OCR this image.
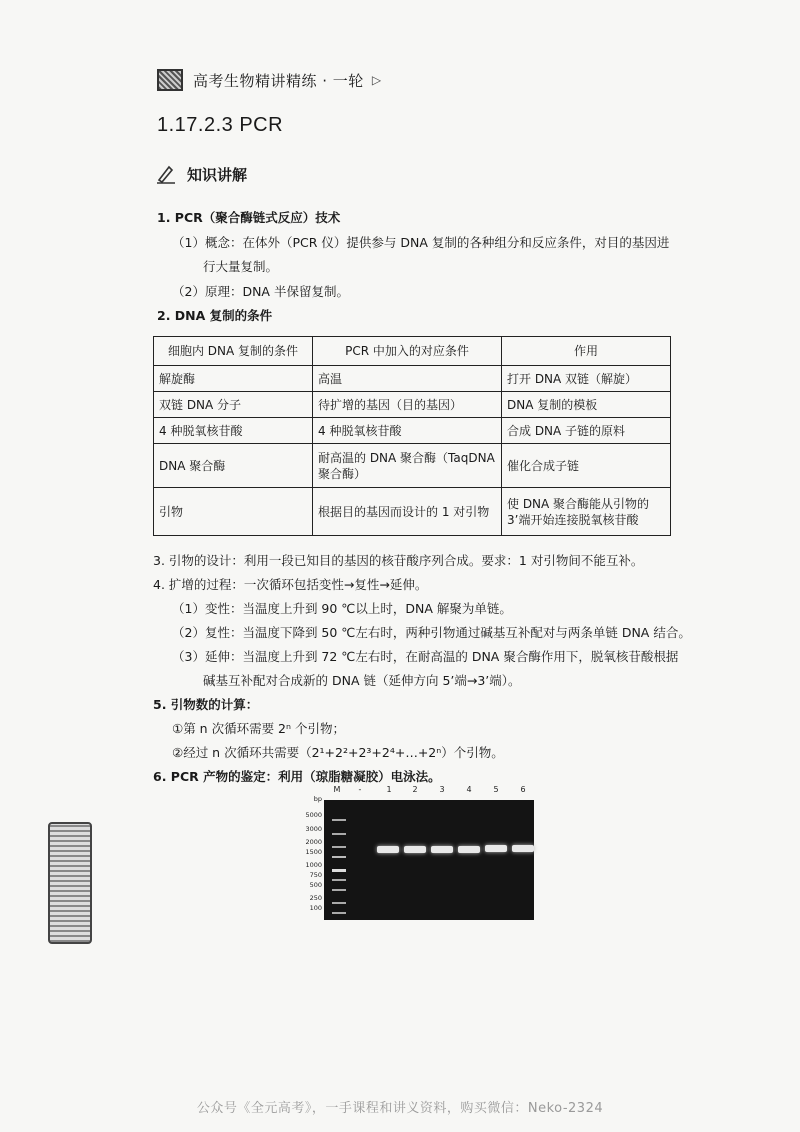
高考生物精讲精练 · 一轮 ▷
1.17.2.3 PCR
知识讲解
1. PCR（聚合酶链式反应）技术
（1）概念：在体外（PCR 仪）提供参与 DNA 复制的各种组分和反应条件，对目的基因进
行大量复制。
（2）原理：DNA 半保留复制。
2. DNA 复制的条件
细胞内 DNA 复制的条件	PCR 中加入的对应条件	作用
解旋酶	高温	打开 DNA 双链（解旋）
双链 DNA 分子	待扩增的基因（目的基因）	DNA 复制的模板
4 种脱氧核苷酸	4 种脱氧核苷酸	合成 DNA 子链的原料
DNA 聚合酶	耐高温的 DNA 聚合酶（TaqDNA 聚合酶）	催化合成子链
引物	根据目的基因而设计的 1 对引物	使 DNA 聚合酶能从引物的 3’端开始连接脱氧核苷酸
3. 引物的设计：利用一段已知目的基因的核苷酸序列合成。要求：1 对引物间不能互补。
4. 扩增的过程：一次循环包括变性→复性→延伸。
（1）变性：当温度上升到 90 ℃以上时，DNA 解聚为单链。
（2）复性：当温度下降到 50 ℃左右时，两种引物通过碱基互补配对与两条单链 DNA 结合。
（3）延伸：当温度上升到 72 ℃左右时，在耐高温的 DNA 聚合酶作用下，脱氧核苷酸根据
碱基互补配对合成新的 DNA 链（延伸方向 5’端→3’端）。
5. 引物数的计算：
①第 n 次循环需要 2ⁿ 个引物；
②经过 n 次循环共需要（2¹+2²+2³+2⁴+…+2ⁿ）个引物。
6. PCR 产物的鉴定：利用（琼脂糖凝胶）电泳法。
M	-	1	2	3	4	5	6
bp
5000
3000
2000
1500
1000
750
500
250
100
公众号《全元高考》，一手课程和讲义资料，购买微信：Neko-2324
